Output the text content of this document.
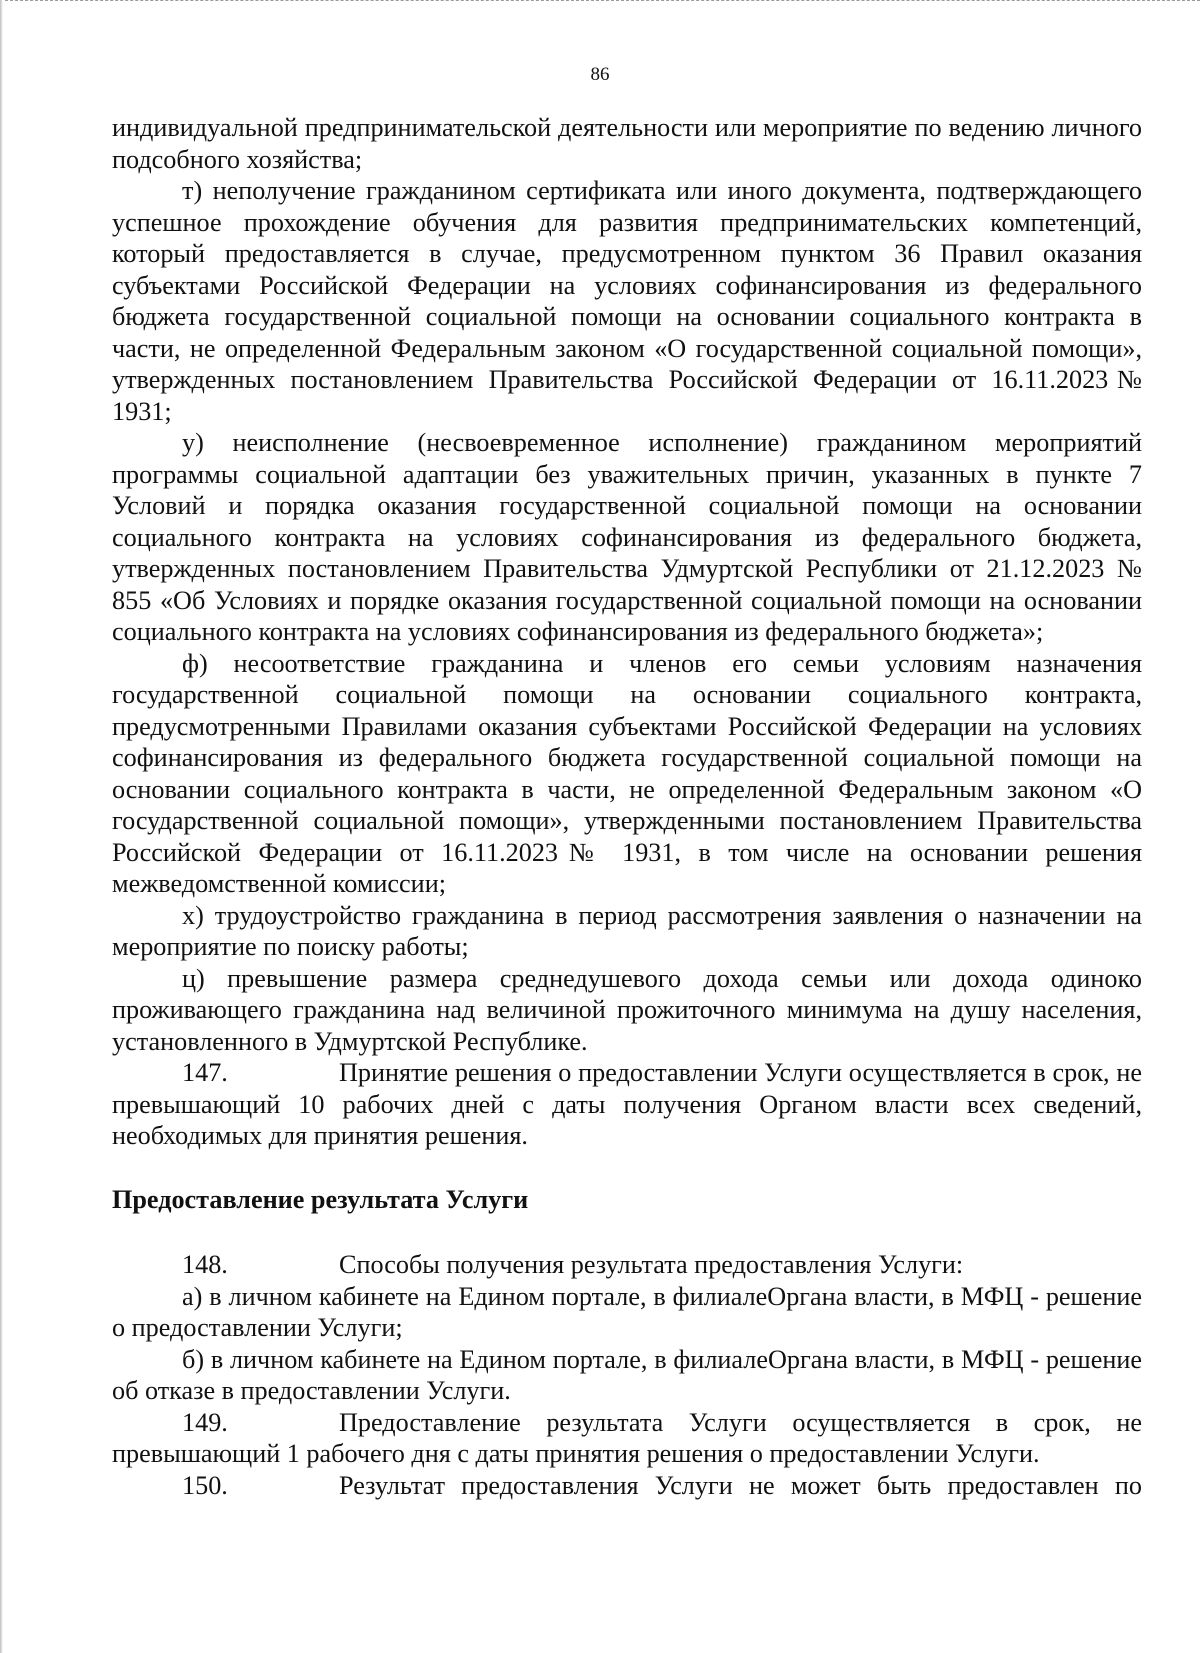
86

индивидуальной предпринимательской деятельности или мероприятие по ведению личного подсобного хозяйства;

т) неполучение гражданином сертификата или иного документа, подтверждающего успешное прохождение обучения для развития предпринимательских компетенций, который предоставляется в случае, предусмотренном пунктом 36 Правил оказания субъектами Российской Федерации на условиях софинансирования из федерального бюджета государственной социальной помощи на основании социального контракта в части, не определенной Федеральным законом «О государственной социальной помощи», утвержденных постановлением Правительства Российской Федерации от 16.11.2023№ 1931;

у) неисполнение (несвоевременное исполнение) гражданином мероприятий программы социальной адаптации без уважительных причин, указанных в пункте 7 Условий и порядка оказания государственной социальной помощи на основании социального контракта на условиях софинансирования из федерального бюджета, утвержденных постановлением Правительства Удмуртской Республики от 21.12.2023 № 855 «Об Условиях и порядке оказания государственной социальной помощи на основании социального контракта на условиях софинансирования из федерального бюджета»;

ф) несоответствие гражданина и членов его семьи условиям назначения государственной социальной помощи на основании социального контракта, предусмотренными Правилами оказания субъектами Российской Федерации на условиях софинансирования из федерального бюджета государственной социальной помощи на основании социального контракта в части, не определенной Федеральным законом «О государственной социальной помощи», утвержденными постановлением Правительства Российской Федерации от 16.11.2023№ 1931, в том числе на основании решения межведомственной комиссии;

х) трудоустройство гражданина в период рассмотрения заявления о назначении на мероприятие по поиску работы;

ц) превышение размера среднедушевого дохода семьи или дохода одиноко проживающего гражданина над величиной прожиточного минимума на душу населения, установленного в Удмуртской Республике.

147.	Принятие решения о предоставлении Услуги осуществляется в срок, не превышающий 10 рабочих дней с даты получения Органом власти всех сведений, необходимых для принятия решения.

Предоставление результата Услуги

148.	Способы получения результата предоставления Услуги:

а) в личном кабинете на Едином портале, в филиалеОргана власти, в МФЦ - решение о предоставлении Услуги;

б) в личном кабинете на Едином портале, в филиалеОргана власти, в МФЦ - решение об отказе в предоставлении Услуги.

149.	Предоставление результата Услуги осуществляется в срок, не превышающий 1 рабочего дня с даты принятия решения о предоставлении Услуги.

150.	Результат предоставления Услуги не может быть предоставлен по
